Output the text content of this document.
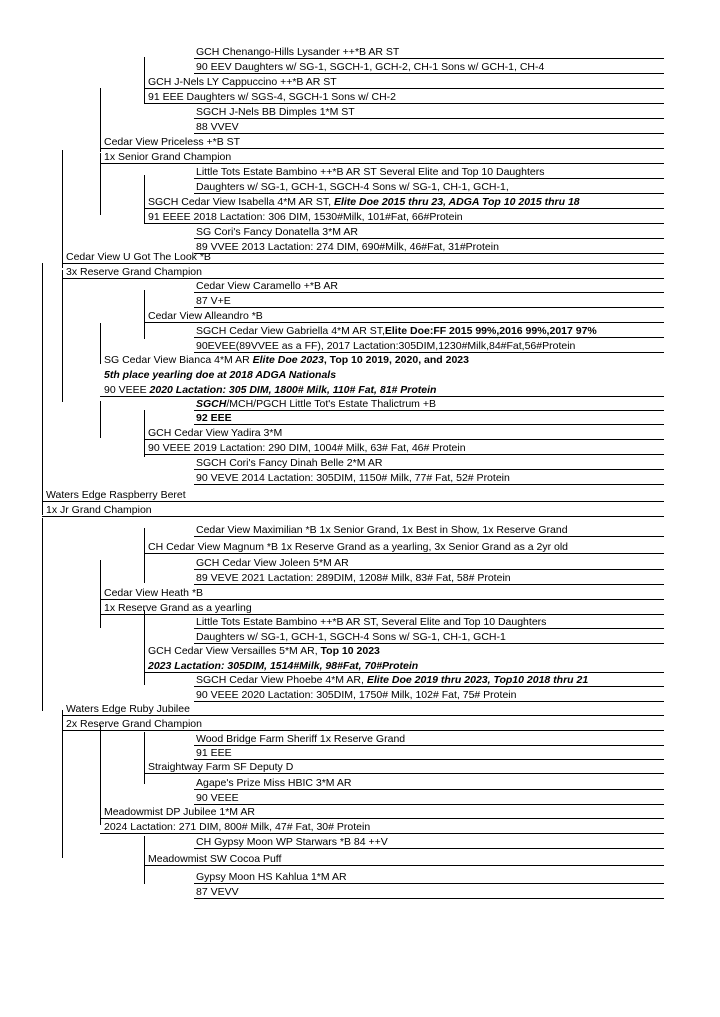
GCH Chenango-Hills Lysander ++*B AR ST
90 EEV Daughters w/ SG-1, SGCH-1, GCH-2, CH-1 Sons w/ GCH-1, CH-4
GCH J-Nels LY Cappuccino ++*B AR ST
91 EEE Daughters w/ SGS-4, SGCH-1 Sons w/ CH-2
SGCH J-Nels BB Dimples 1*M ST
88 VVEV
Cedar View Priceless +*B ST
1x Senior Grand Champion
Little Tots Estate Bambino ++*B AR ST Several Elite and Top 10 Daughters
Daughters w/ SG-1, GCH-1, SGCH-4 Sons w/ SG-1, CH-1, GCH-1,
SGCH Cedar View Isabella 4*M AR ST, Elite Doe 2015 thru 23, ADGA Top 10 2015 thru 18
91 EEEE 2018 Lactation: 306 DIM, 1530#Milk, 101#Fat, 66#Protein
SG Cori's Fancy Donatella 3*M AR
89 VVEE 2013 Lactation: 274 DIM, 690#Milk, 46#Fat, 31#Protein
Cedar View U Got The Look *B
3x Reserve Grand Champion
Cedar View Caramello +*B AR
87 V+E
Cedar View Alleandro *B
SGCH Cedar View Gabriella 4*M AR ST,Elite Doe:FF 2015 99%,2016 99%,2017 97%
90EVEE(89VVEE as a FF), 2017 Lactation:305DIM,1230#Milk,84#Fat,56#Protein
SG Cedar View Bianca 4*M AR Elite Doe 2023, Top 10 2019, 2020, and 2023
5th place yearling doe at 2018 ADGA Nationals
90 VEEE 2020 Lactation: 305 DIM, 1800# Milk, 110# Fat, 81# Protein
SGCH/MCH/PGCH Little Tot's Estate Thalictrum +B
92 EEE
GCH Cedar View Yadira 3*M
90 VEEE 2019 Lactation: 290 DIM, 1004# Milk, 63# Fat, 46# Protein
SGCH Cori's Fancy Dinah Belle 2*M AR
90 VEVE 2014 Lactation: 305DIM, 1150# Milk, 77# Fat, 52# Protein
Waters Edge Raspberry Beret
1x Jr Grand Champion
Cedar View Maximilian *B 1x Senior Grand, 1x Best in Show, 1x Reserve Grand
CH Cedar View Magnum *B 1x Reserve Grand as a yearling, 3x Senior Grand as a 2yr old
GCH Cedar View Joleen 5*M AR
89 VEVE 2021 Lactation: 289DIM, 1208# Milk, 83# Fat, 58# Protein
Cedar View Heath *B
1x Reserve Grand as a yearling
Little Tots Estate Bambino ++*B AR ST, Several Elite and Top 10 Daughters
Daughters w/ SG-1, GCH-1, SGCH-4 Sons w/ SG-1, CH-1, GCH-1
GCH Cedar View Versailles 5*M AR, Top 10 2023
2023 Lactation: 305DIM, 1514#Milk, 98#Fat, 70#Protein
SGCH Cedar View Phoebe 4*M AR, Elite Doe 2019 thru 2023, Top10 2018 thru 21
90 VEEE 2020 Lactation: 305DIM, 1750# Milk, 102# Fat, 75# Protein
Waters Edge Ruby Jubilee
2x Reserve Grand Champion
Wood Bridge Farm Sheriff 1x Reserve Grand
91 EEE
Straightway Farm SF Deputy D
Agape's Prize Miss HBIC 3*M AR
90 VEEE
Meadowmist DP Jubilee 1*M AR
2024 Lactation: 271 DIM, 800# Milk, 47# Fat, 30# Protein
CH Gypsy Moon WP Starwars *B 84 ++V
Meadowmist SW Cocoa Puff
Gypsy Moon HS Kahlua 1*M AR
87 VEVV
